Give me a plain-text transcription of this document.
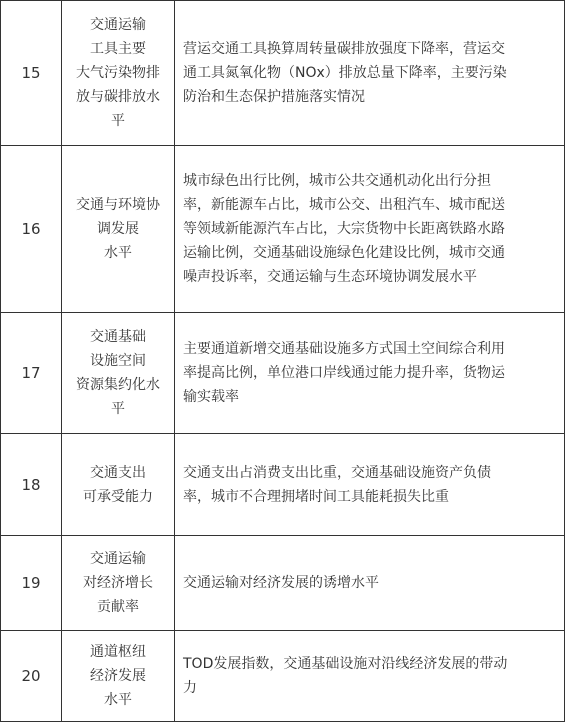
15	交通运输
工具主要
大气污染物排
放与碳排放水
平	营运交通工具换算周转量碳排放强度下降率，营运交
通工具氮氧化物（NOx）排放总量下降率，主要污染
防治和生态保护措施落实情况

16	交通与环境协
调发展
水平	城市绿色出行比例，城市公共交通机动化出行分担
率，新能源车占比，城市公交、出租汽车、城市配送
等领域新能源汽车占比，大宗货物中长距离铁路水路
运输比例，交通基础设施绿色化建设比例，城市交通
噪声投诉率，交通运输与生态环境协调发展水平

17	交通基础
设施空间
资源集约化水
平	主要通道新增交通基础设施多方式国土空间综合利用
率提高比例，单位港口岸线通过能力提升率，货物运
输实载率

18	交通支出
可承受能力	交通支出占消费支出比重，交通基础设施资产负债
率，城市不合理拥堵时间工具能耗损失比重

19	交通运输
对经济增长
贡献率	交通运输对经济发展的诱增水平

20	通道枢纽
经济发展
水平	TOD发展指数，交通基础设施对沿线经济发展的带动
力
